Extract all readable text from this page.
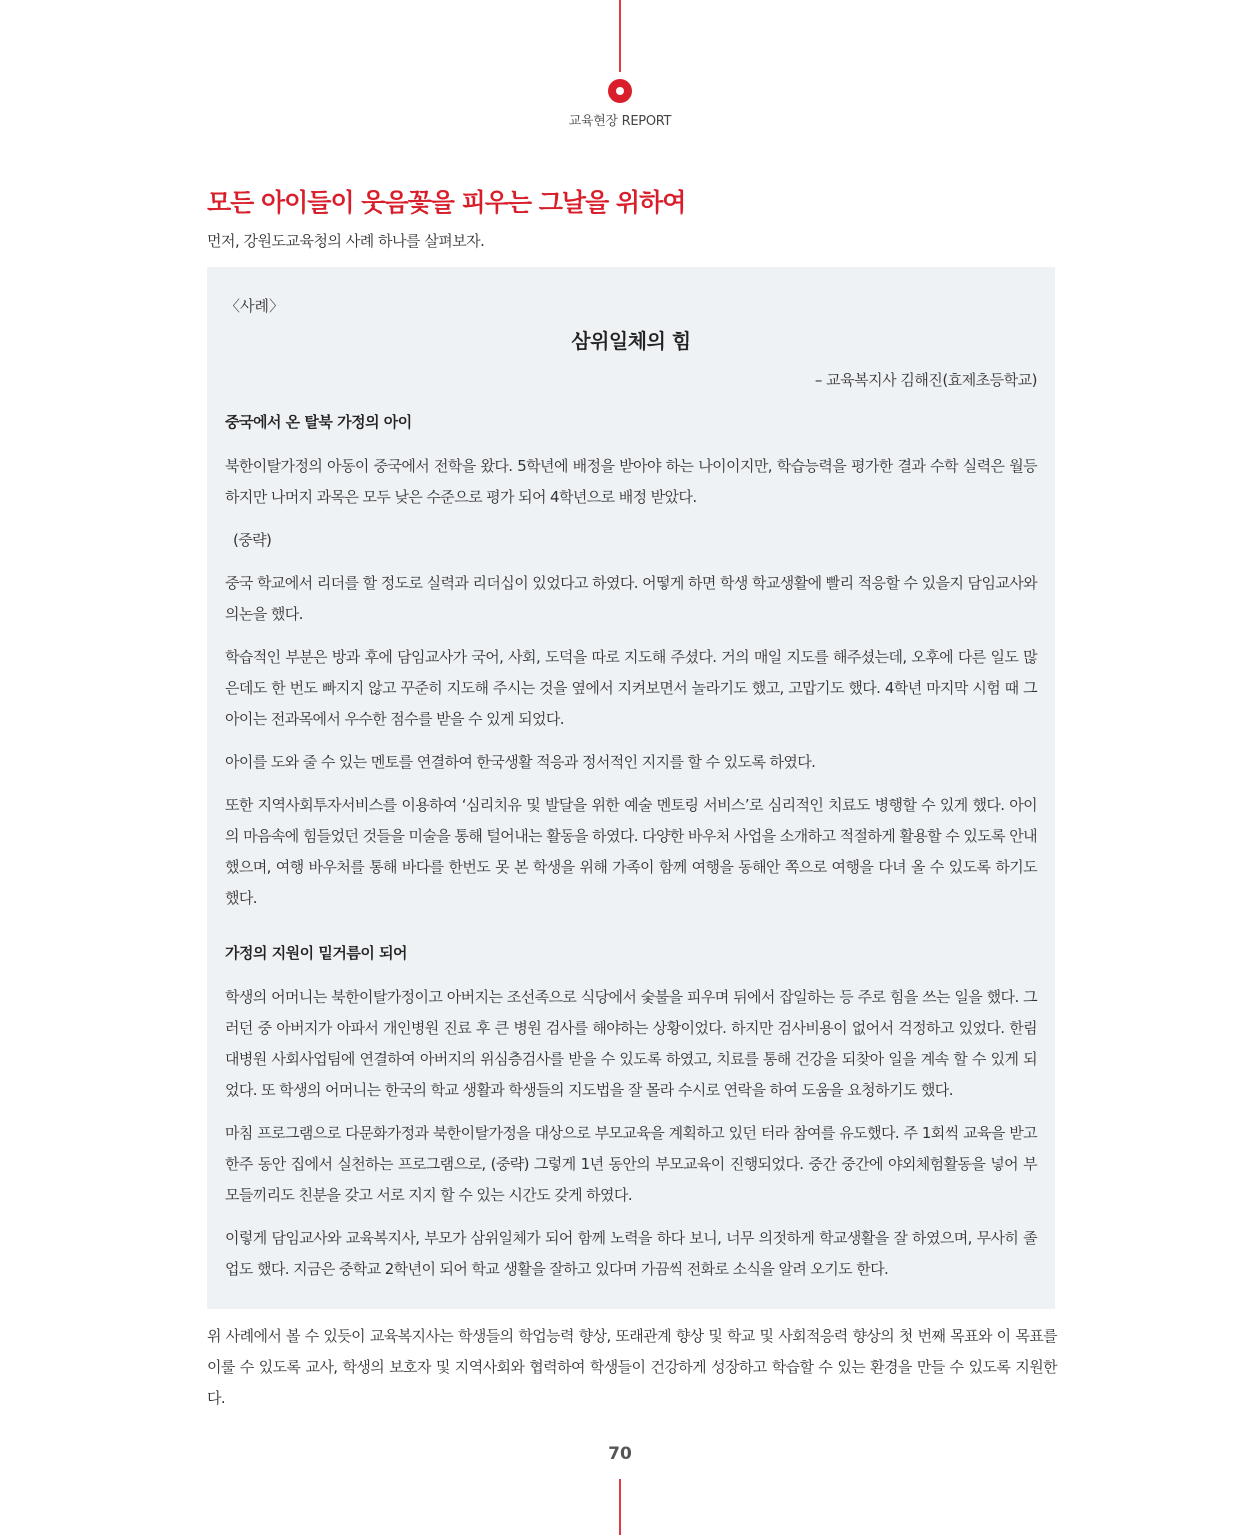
교육현장 REPORT
모든 아이들이 웃음꽃을 피우는 그날을 위하여

먼저, 강원도교육청의 사례 하나를 살펴보자.

〈사례〉
삼위일체의 힘
– 교육복지사 김해진(효제초등학교)
중국에서 온 탈북 가정의 아이

북한이탈가정의 아동이 중국에서 전학을 왔다. 5학년에 배정을 받아야 하는 나이이지만, 학습능력을 평가한 결과 수학 실력은 월등하지만 나머지 과목은 모두 낮은 수준으로 평가 되어 4학년으로 배정 받았다.

(중략)

중국 학교에서 리더를 할 정도로 실력과 리더십이 있었다고 하였다. 어떻게 하면 학생 학교생활에 빨리 적응할 수 있을지 담임교사와 의논을 했다.

학습적인 부분은 방과 후에 담임교사가 국어, 사회, 도덕을 따로 지도해 주셨다. 거의 매일 지도를 해주셨는데, 오후에 다른 일도 많은데도 한 번도 빠지지 않고 꾸준히 지도해 주시는 것을 옆에서 지켜보면서 놀라기도 했고, 고맙기도 했다. 4학년 마지막 시험 때 그 아이는 전과목에서 우수한 점수를 받을 수 있게 되었다.

아이를 도와 줄 수 있는 멘토를 연결하여 한국생활 적응과 정서적인 지지를 할 수 있도록 하였다.

또한 지역사회투자서비스를 이용하여 ‘심리치유 및 발달을 위한 예술 멘토링 서비스’로 심리적인 치료도 병행할 수 있게 했다. 아이의 마음속에 힘들었던 것들을 미술을 통해 털어내는 활동을 하였다. 다양한 바우처 사업을 소개하고 적절하게 활용할 수 있도록 안내했으며, 여행 바우처를 통해 바다를 한번도 못 본 학생을 위해 가족이 함께 여행을 동해안 쪽으로 여행을 다녀 올 수 있도록 하기도 했다.

가정의 지원이 밑거름이 되어

학생의 어머니는 북한이탈가정이고 아버지는 조선족으로 식당에서 숯불을 피우며 뒤에서 잡일하는 등 주로 힘을 쓰는 일을 했다. 그러던 중 아버지가 아파서 개인병원 진료 후 큰 병원 검사를 해야하는 상황이었다. 하지만 검사비용이 없어서 걱정하고 있었다. 한림대병원 사회사업팀에 연결하여 아버지의 위심층검사를 받을 수 있도록 하였고, 치료를 통해 건강을 되찾아 일을 계속 할 수 있게 되었다. 또 학생의 어머니는 한국의 학교 생활과 학생들의 지도법을 잘 몰라 수시로 연락을 하여 도움을 요청하기도 했다.

마침 프로그램으로 다문화가정과 북한이탈가정을 대상으로 부모교육을 계획하고 있던 터라 참여를 유도했다. 주 1회씩 교육을 받고 한주 동안 집에서 실천하는 프로그램으로, (중략) 그렇게 1년 동안의 부모교육이 진행되었다. 중간 중간에 야외체험활동을 넣어 부모들끼리도 친분을 갖고 서로 지지 할 수 있는 시간도 갖게 하였다.

이렇게 담임교사와 교육복지사, 부모가 삼위일체가 되어 함께 노력을 하다 보니, 너무 의젓하게 학교생활을 잘 하였으며, 무사히 졸업도 했다. 지금은 중학교 2학년이 되어 학교 생활을 잘하고 있다며 가끔씩 전화로 소식을 알려 오기도 한다.

위 사례에서 볼 수 있듯이 교육복지사는 학생들의 학업능력 향상, 또래관계 향상 및 학교 및 사회적응력 향상의 첫 번째 목표와 이 목표를 이룰 수 있도록 교사, 학생의 보호자 및 지역사회와 협력하여 학생들이 건강하게 성장하고 학습할 수 있는 환경을 만들 수 있도록 지원한다.

70
